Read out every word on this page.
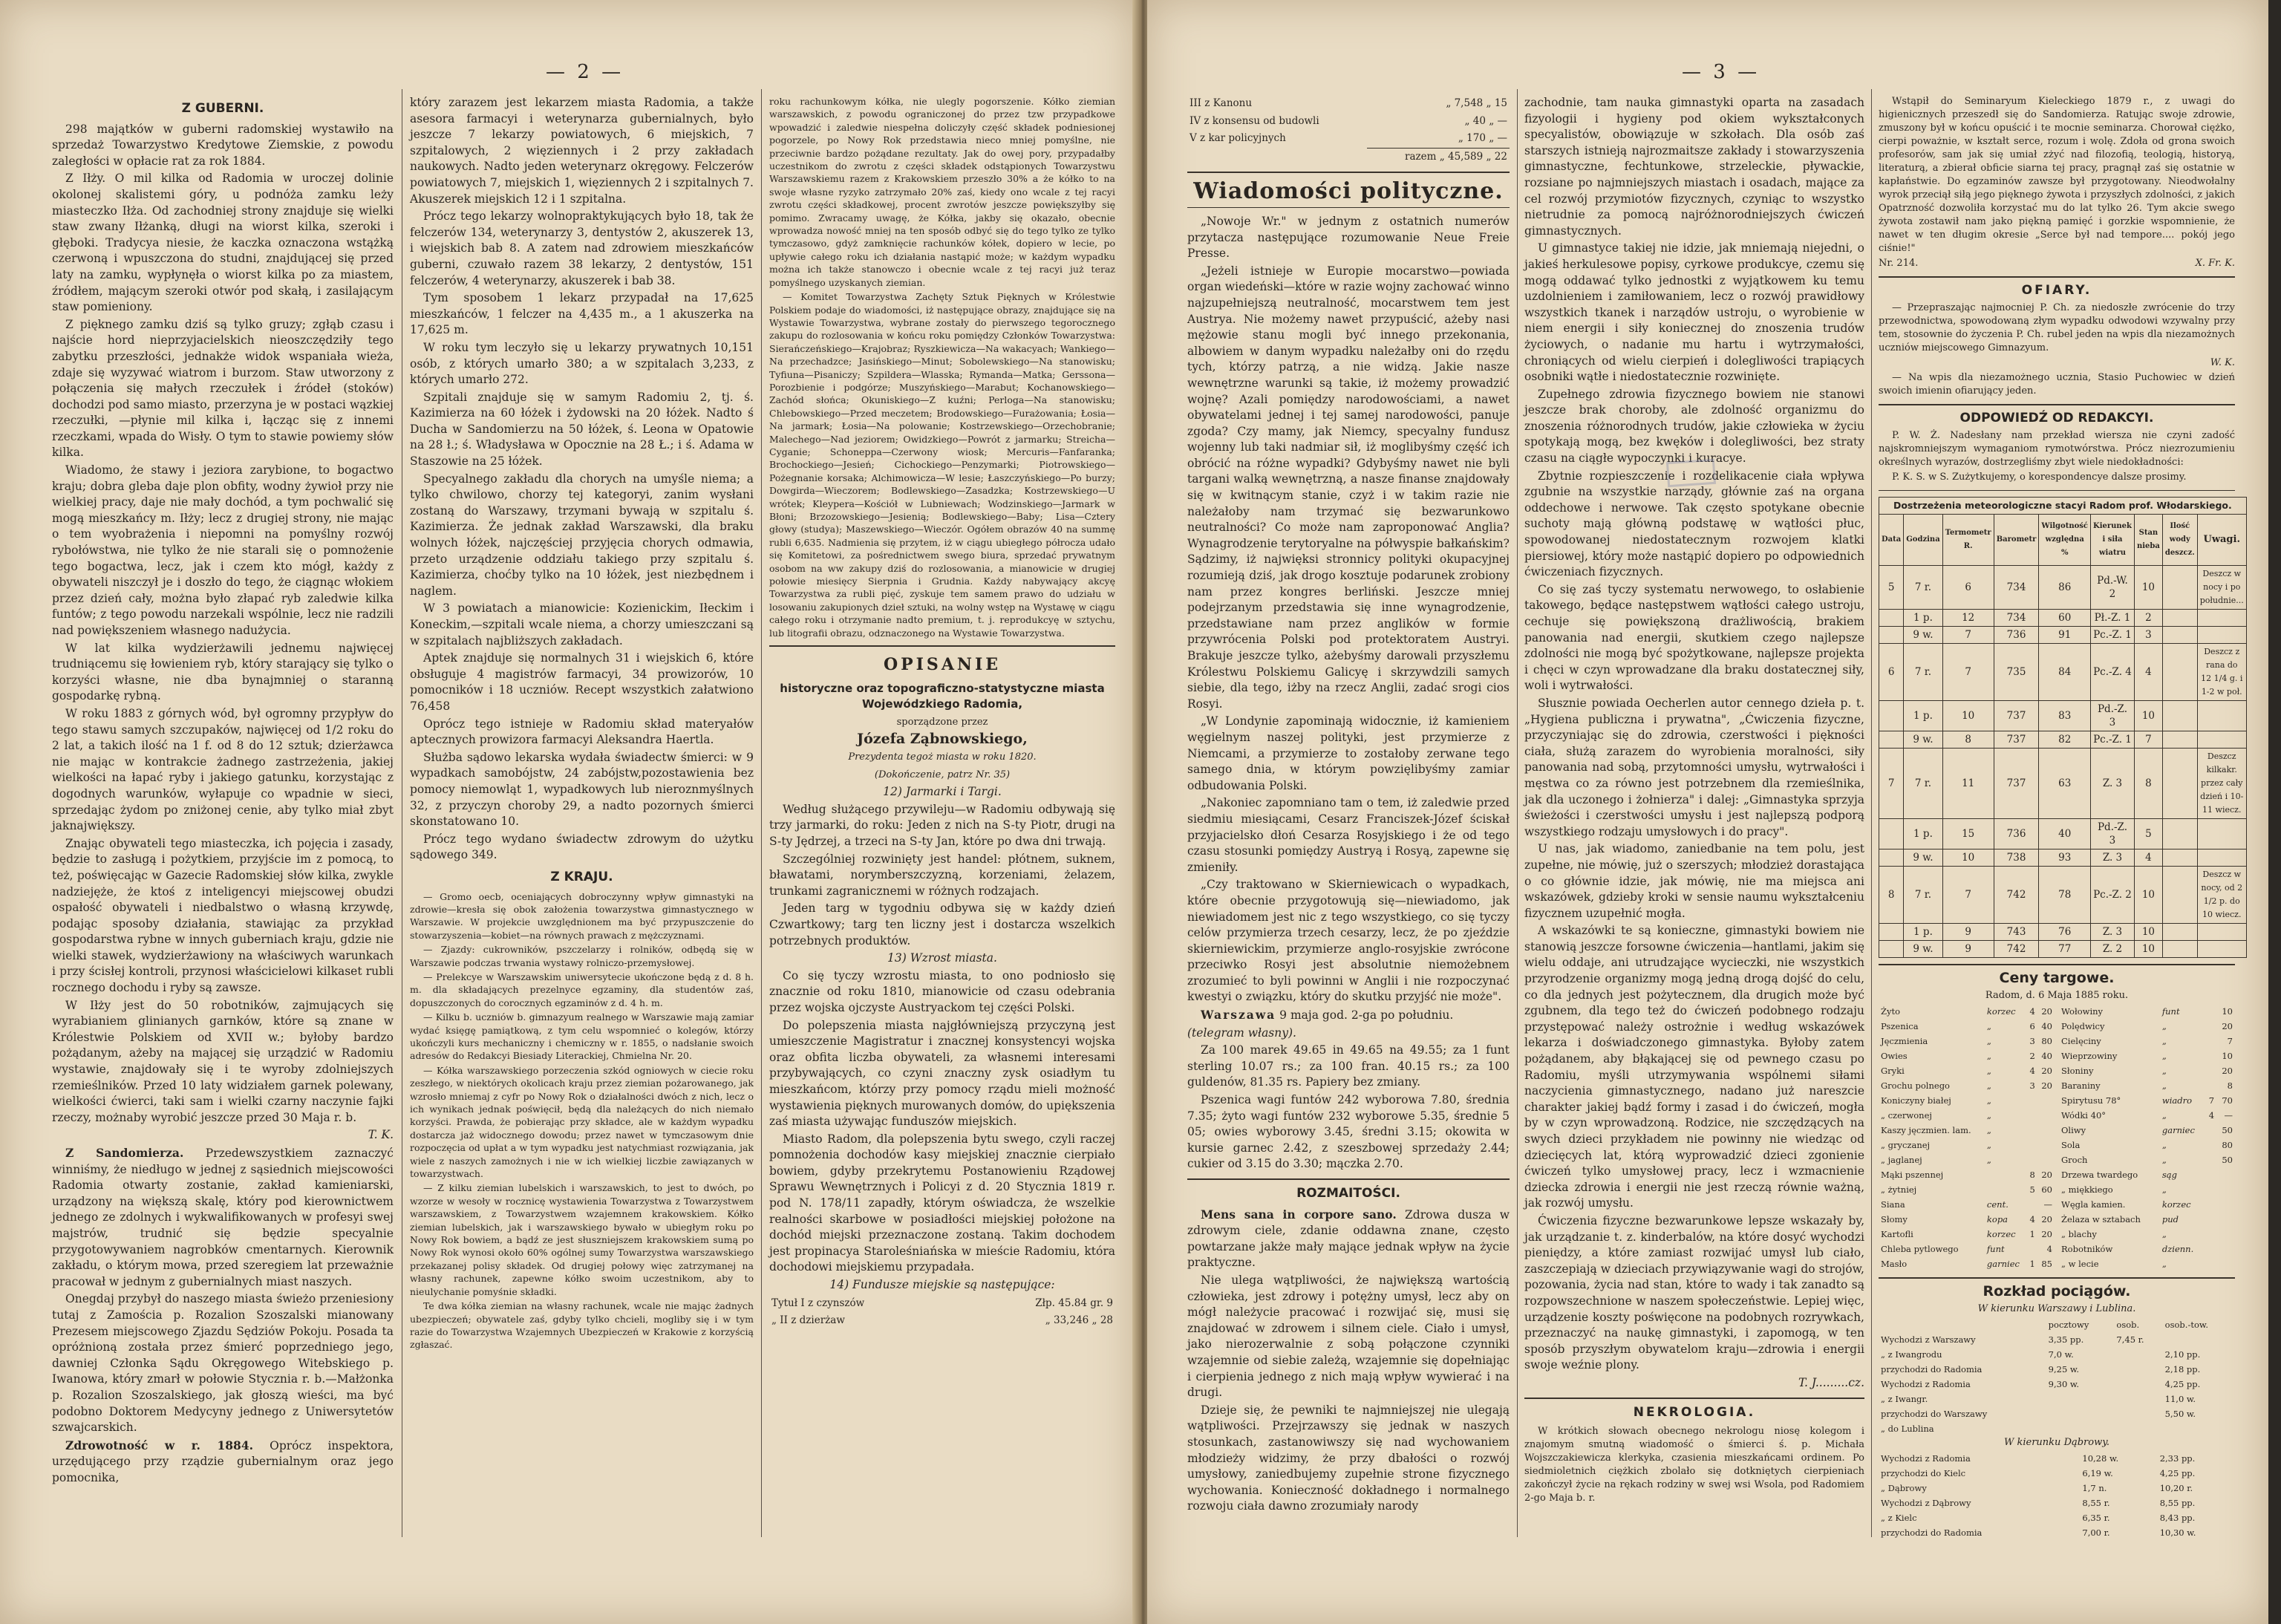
— 2 —
Z GUBERNI.

298 majątków w guberni radomskiej wystawiło na sprzedaż Towarzystwo Kredytowe Ziemskie, z powodu zaległości w opłacie rat za rok 1884.

Z Iłży. O mil kilka od Radomia w uroczej dolinie okolonej skalistemi góry, u podnóża zamku leży miasteczko Iłża. Od zachodniej strony znajduje się wielki staw zwany Iłżanką, długi na wiorst kilka, szeroki i głęboki. Tradycya niesie, że kaczka oznaczona wstążką czerwoną i wpuszczona do studni, znajdującej się przed laty na zamku, wypłynęła o wiorst kilka po za miastem, źródłem, mającym szeroki otwór pod skałą, i zasilającym staw pomieniony.

Z pięknego zamku dziś są tylko gruzy; zgłąb czasu i najście hord nieprzyjacielskich nieoszczędziły tego zabytku przeszłości, jednakże widok wspaniała wieża, zdaje się wyzywać wiatrom i burzom. Staw utworzony z połączenia się małych rzeczułek i źródeł (stoków) dochodzi pod samo miasto, przerzyna je w postaci wązkiej rzeczułki, —płynie mil kilka i, łącząc się z innemi rzeczkami, wpada do Wisły. O tym to stawie powiemy słów kilka.

Wiadomo, że stawy i jeziora zarybione, to bogactwo kraju; dobra gleba daje plon obfity, wodny żywioł przy nie wielkiej pracy, daje nie mały dochód, a tym pochwalić się mogą mieszkańcy m. Iłży; lecz z drugiej strony, nie mając o tem wyobrażenia i niepomni na pomyślny rozwój rybołówstwa, nie tylko że nie starali się o pomnożenie tego bogactwa, lecz, jak i czem kto mógł, każdy z obywateli niszczył je i doszło do tego, że ciągnąc włokiem przez dzień cały, można było złapać ryb zaledwie kilka funtów; z tego powodu narzekali wspólnie, lecz nie radzili nad powiększeniem własnego nadużycia.

W lat kilka wydzierżawili jednemu najwięcej trudniącemu się łowieniem ryb, który starający się tylko o korzyści własne, nie dba bynajmniej o staranną gospodarkę rybną.

W roku 1883 z górnych wód, był ogromny przypływ do tego stawu samych szczupaków, najwięcej od 1/2 roku do 2 lat, a takich ilość na 1 f. od 8 do 12 sztuk; dzierżawca nie mając w kontrakcie żadnego zastrzeżenia, jakiej wielkości na łapać ryby i jakiego gatunku, korzystając z dogodnych warunków, wyłapuje co wpadnie w sieci, sprzedając żydom po zniżonej cenie, aby tylko miał zbyt jaknajwiększy.

Znając obywateli tego miasteczka, ich pojęcia i zasady, będzie to zasługą i pożytkiem, przyjście im z pomocą, to też, poświęcając w Gazecie Radomskiej słów kilka, zwykle nadziejęże, że ktoś z inteligencyi miejscowej obudzi ospałość obywateli i niedbalstwo o własną krzywdę, podając sposoby działania, stawiając za przykład gospodarstwa rybne w innych guberniach kraju, gdzie nie wielki stawek, wydzierżawiony na właściwych warunkach i przy ścisłej kontroli, przynosi właścicielowi kilkaset rubli rocznego dochodu i ryby są zawsze.

W Iłży jest do 50 robotników, zajmujących się wyrabianiem glinianych garnków, które są znane w Królestwie Polskiem od XVII w.; byłoby bardzo pożądanym, ażeby na mającej się urządzić w Radomiu wystawie, znajdowały się i te wyroby zdolniejszych rzemieślników. Przed 10 laty widziałem garnek polewany, wielkości ćwierci, taki sam i wielki czarny naczynie fajki rzeczy, możnaby wyrobić jeszcze przed 30 Maja r. b.

T. K.

Z Sandomierza. Przedewszystkiem zaznaczyć winniśmy, że niedługo w jednej z sąsiednich miejscowości Radomia otwarty zostanie, zakład kamieniarski, urządzony na większą skalę, który pod kierownictwem jednego ze zdolnych i wykwalifikowanych w profesyi swej majstrów, trudnić się będzie specyalnie przygotowywaniem nagrobków cmentarnych. Kierownik zakładu, o którym mowa, przed szeregiem lat przeważnie pracował w jednym z gubernialnych miast naszych.

Onegdaj przybył do naszego miasta świeżo przeniesiony tutaj z Zamościa p. Rozalion Szoszalski mianowany Prezesem miejscowego Zjazdu Sędziów Pokoju. Posada ta opróżnioną została przez śmierć poprzedniego jego, dawniej Członka Sądu Okręgowego Witebskiego p. Iwanowa, który zmarł w połowie Stycznia r. b.—Małżonka p. Rozalion Szoszalskiego, jak głoszą wieści, ma być podobno Doktorem Medycyny jednego z Uniwersytetów szwajcarskich.

Zdrowotność w r. 1884. Oprócz inspektora, urzędującego przy rządzie gubernialnym oraz jego pomocnika,

który zarazem jest lekarzem miasta Radomia, a także asesora farmacyi i weterynarza gubernialnych, było jeszcze 7 lekarzy powiatowych, 6 miejskich, 7 szpitalowych, 2 więziennych i 2 przy zakładach naukowych. Nadto jeden weterynarz okręgowy. Felczerów powiatowych 7, miejskich 1, więziennych 2 i szpitalnych 7. Akuszerek miejskich 12 i 1 szpitalna.

Prócz tego lekarzy wolnopraktykujących było 18, tak że felczerów 134, weterynarzy 3, dentystów 2, akuszerek 13, i wiejskich bab 8. A zatem nad zdrowiem mieszkańców guberni, czuwało razem 38 lekarzy, 2 dentystów, 151 felczerów, 4 weterynarzy, akuszerek i bab 38.

Tym sposobem 1 lekarz przypadał na 17,625 mieszkańców, 1 felczer na 4,435 m., a 1 akuszerka na 17,625 m.

W roku tym leczyło się u lekarzy prywatnych 10,151 osób, z których umarło 380; a w szpitalach 3,233, z których umarło 272.

Szpitali znajduje się w samym Radomiu 2, tj. ś. Kazimierza na 60 łóżek i żydowski na 20 łóżek. Nadto ś Ducha w Sandomierzu na 50 łóżek, ś. Leona w Opatowie na 28 ł.; ś. Władysława w Opocznie na 28 Ł.; i ś. Adama w Staszowie na 25 łóżek.

Specyalnego zakładu dla chorych na umyśle niema; a tylko chwilowo, chorzy tej kategoryi, zanim wysłani zostaną do Warszawy, trzymani bywają w szpitalu ś. Kazimierza. Że jednak zakład Warszawski, dla braku wolnych łóżek, najczęściej przyjęcia chorych odmawia, przeto urządzenie oddziału takiego przy szpitalu ś. Kazimierza, choćby tylko na 10 łóżek, jest niezbędnem i naglem.

W 3 powiatach a mianowicie: Kozienickim, Iłeckim i Koneckim,—szpitali wcale niema, a chorzy umieszczani są w szpitalach najbliższych zakładach.

Aptek znajduje się normalnych 31 i wiejskich 6, które obsługuje 4 magistrów farmacyi, 34 prowizorów, 10 pomocników i 18 uczniów. Recept wszystkich załatwiono 76,458

Oprócz tego istnieje w Radomiu skład materyałów aptecznych prowizora farmacyi Aleksandra Haertla.

Służba sądowo lekarska wydała świadectw śmierci: w 9 wypadkach samobójstw, 24 zabójstw,pozostawienia bez pomocy niemowląt 1, wypadkowych lub nieroznmyślnych 32, z przyczyn choroby 29, a nadto pozornych śmierci skonstatowano 10.

Prócz tego wydano świadectw zdrowym do użytku sądowego 349.

Z KRAJU.

— Gromo oecb, oceniających dobroczynny wpływ gimnastyki na zdrowie—kresła się obok założenia towarzystwa gimnastycznego w Warszawie. W projekcie uwzględnionem ma być przypuszczenie do stowarzyszenia—kobiet—na równych prawach z mężczyznami.

— Zjazdy: cukrowników, pszczelarzy i rolników, odbędą się w Warszawie podczas trwania wystawy rolniczo-przemysłowej.

— Prelekcye w Warszawskim uniwersytecie ukończone będą z d. 8 h. m. dla składających prezelnyce egzaminy, dla studentów zaś, dopuszczonych do corocznych egzaminów z d. 4 h. m.

— Kilku b. uczniów b. gimnazyum realnego w Warszawie mają zamiar wydać księgę pamiątkową, z tym celu wspomnieć o kolegów, którzy ukończyli kurs mechaniczny i chemiczny w r. 1855, o nadsłanie swoich adresów do Redakcyi Biesiady Literackiej, Chmielna Nr. 20.

— Kółka warszawskiego porzeczenia szkód ogniowych w ciecie roku zeszłego, w niektórych okolicach kraju przez ziemian pożarowanego, jak wzrosło mniemaj z cyfr po Nowy Rok o działalności dwóch z nich, lecz o ich wynikach jednak poświęcił, będą dla należących do nich niemało korzyści. Prawda, że pobierając przy składce, ale w każdym wypadku dostarcza jaż widocznego dowodu; przez nawet w tymczasowym dnie rozpoczęcia od upłat a w tym wypadku jest natychmiast rozwiązania, jak wiele z naszych zamożnych i nie w ich wielkiej liczbie zawiązanych w towarzystwach.

— Z kilku ziemian lubelskich i warszawskich, to jest to dwóch, po wzorze w wesoły w rocznicę wystawienia Towarzystwa z Towarzystwem warszawskiem, z Towarzystwem wzajemnem krakowskiem. Kółko ziemian lubelskich, jak i warszawskiego bywało w ubiegłym roku po Nowy Rok bowiem, a bądź ze jest słuszniejszem krakowskiem sumą po Nowy Rok wynosi około 60% ogólnej sumy Towarzystwa warszawskiego przekazanej polisy składek. Od drugiej połowy więc zatrzymanej na własny rachunek, zapewne kółko swoim uczestnikom, aby to nieulychanie pomyśnie składki.

Te dwa kółka ziemian na własny rachunek, wcale nie mając żadnych ubezpieczeń; obywatele zaś, gdyby tylko chcieli, mogliby się i w tym razie do Towarzystwa Wzajemnych Ubezpieczeń w Krakowie z korzyścią zgłaszać.

roku rachunkowym kółka, nie ulegly pogorszenie. Kółko ziemian warszawskich, z powodu ograniczonej do przez tzw przypadkowe wpowadzić i zaledwie niespełna doliczyły część składek podniesionej pogorzele, po Nowy Rok przedstawia nieco mniej pomyślne, nie przeciwnie bardzo pożądane rezultaty. Jak do owej pory, przypadałby uczestnikom do zwrotu z części składek odstąpionych Towarzystwu Warszawskiemu razem z Krakowskiem przeszło 30% a że kółko to na swoje własne ryzyko zatrzymało 20% zaś, kiedy ono wcale z tej racyi zwrotu części składkowej, procent zwrotów jeszcze powiększyłby się pomimo. Zwracamy uwagę, że Kółka, jakby się okazało, obecnie wprowadza nowość mniej na ten sposób odbyć się do tego tylko ze tylko tymczasowo, gdyż zamknięcie rachunków kółek, dopiero w lecie, po upływie całego roku ich działania nastąpić może; w każdym wypadku można ich także stanowczo i obecnie wcale z tej racyi już teraz pomyślnego uzyskanych ziemian.

— Komitet Towarzystwa Zachęty Sztuk Pięknych w Królestwie Polskiem podaje do wiadomości, iż następujące obrazy, znajdujące się na Wystawie Towarzystwa, wybrane zostały do pierwszego tegorocznego zakupu do rozlosowania w końcu roku pomiędzy Członków Towarzystwa: Sierańczeńskiego—Krajobraz; Ryszkiewicza—Na wakacyach; Wankiego—Na przechadzce; Jasińskiego—Minut; Sobolewskiego—Na stanowisku; Tyfiuna—Pisaniczy; Szpildera—Wlasska; Rymanda—Matka; Gerssona—Porozbienie i podgórze; Muszyńskiego—Marabut; Kochanowskiego—Zachód słońca; Okuniskiego—Z kuźni; Perloga—Na stanowisku; Chlebowskiego—Przed meczetem; Brodowskiego—Furażowania; Łosia—Na jarmark; Łosia—Na polowanie; Kostrzewskiego—Orzechobranie; Malechego—Nad jeziorem; Owidzkiego—Powrót z jarmarku; Streicha—Cyganie; Schoneppa—Czerwony wiosk; Mercuris—Fanfaranka; Brochockiego—Jesień; Cichockiego—Penzymarki; Piotrowskiego—Pożegnanie korsaka; Alchimowicza—W lesie; Łaszczyńskiego—Po burzy; Dowgirda—Wieczorem; Bodlewskiego—Zasadzka; Kostrzewskiego—U wrótek; Kleypera—Kościół w Lubniewach; Wodzinskiego—Jarmark w Błoni; Brzozowskiego—Jesienią; Bodlewskiego—Baby; Lisa—Cztery głowy (studya); Maszewskiego—Wieczór. Ogółem obrazów 40 na summę rubli 6,635. Nadmienia się przytem, iż w ciągu ubiegłego półrocza udało się Komitetowi, za pośrednictwem swego biura, sprzedać prywatnym osobom na ww zakupy dziś do rozlosowania, a mianowicie w drugiej połowie miesięcy Sierpnia i Grudnia. Każdy nabywający akcyę Towarzystwa za rubli pięć, zyskuje tem samem prawo do udziału w losowaniu zakupionych dzieł sztuki, na wolny wstęp na Wystawę w ciągu całego roku i otrzymanie nadto premium, t. j. reprodukcyę w sztychu, lub litografii obrazu, odznaczonego na Wystawie Towarzystwa.

OPISANIE

historyczne oraz topograficzno-statystyczne miasta Wojewódzkiego Radomia,

sporządzone przez

Józefa Ząbnowskiego,

Prezydenta tegoż miasta w roku 1820.

(Dokończenie, patrz Nr. 35)

12) Jarmarki i Targi.

Według służącego przywileju—w Radomiu odbywają się trzy jarmarki, do roku: Jeden z nich na S-ty Piotr, drugi na S-ty Jędrzej, a trzeci na S-ty Jan, które po dwa dni trwają.

Szczególniej rozwinięty jest handel: płótnem, suknem, bławatami, norymberszczyzną, korzeniami, żelazem, trunkami zagranicznemi w różnych rodzajach.

Jeden targ w tygodniu odbywa się w każdy dzień Czwartkowy; targ ten liczny jest i dostarcza wszelkich potrzebnych produktów.

13) Wzrost miasta.

Co się tyczy wzrostu miasta, to ono podniosło się znacznie od roku 1810, mianowicie od czasu odebrania przez wojska ojczyste Austryackom tej części Polski.

Do polepszenia miasta najgłówniejszą przyczyną jest umieszczenie Magistratur i znacznej konsystencyi wojska oraz obfita liczba obywateli, za własnemi interesami przybywających, co czyni znaczny zysk osiadłym tu mieszkańcom, którzy przy pomocy rządu mieli możność wystawienia pięknych murowanych domów, do upiększenia zaś miasta używając funduszów miejskich.

Miasto Radom, dla polepszenia bytu swego, czyli raczej pomnożenia dochodów kasy miejskiej znacznie cierpiało bowiem, gdyby przekrytemu Postanowieniu Rządowej Sprawu Wewnętrznych i Policyi z d. 20 Stycznia 1819 r. pod N. 178/11 zapadły, którym oświadcza, że wszelkie realności skarbowe w posiadłości miejskiej położone na dochód miejski przeznaczone zostaną. Takim dochodem jest propinacya Staroleśniańska w mieście Radomiu, która dochodowi miejskiemu przypadała.

14) Fundusze miejskie są następujące:

Tytuł I z czynszów	Złp. 45.84 gr. 9
„ II z dzierżaw	„ 33,246 „ 28
— 3 —
III z Kanonu	„ 7,548 „ 15
IV z konsensu od budowli	„ 40 „ —
V z kar policyjnych	„ 170 „ —
	razem „ 45,589 „ 22
Wiadomości polityczne.

„Nowoje Wr." w jednym z ostatnich numerów przytacza następujące rozumowanie Neue Freie Presse.

„Jeżeli istnieje w Europie mocarstwo—powiada organ wiedeński—które w razie wojny zachować winno najzupełniejszą neutralność, mocarstwem tem jest Austrya. Nie możemy nawet przypuścić, ażeby nasi mężowie stanu mogli być innego przekonania, albowiem w danym wypadku należałby oni do rzędu tych, którzy patrzą, a nie widzą. Jakie nasze wewnętrzne warunki są takie, iż możemy prowadzić wojnę? Azali pomiędzy narodowościami, a nawet obywatelami jednej i tej samej narodowości, panuje zgoda? Czy mamy, jak Niemcy, specyalny fundusz wojenny lub taki nadmiar sił, iż moglibyśmy część ich obrócić na różne wypadki? Gdybyśmy nawet nie byli targani walką wewnętrzną, a nasze finanse znajdowały się w kwitnącym stanie, czyż i w takim razie nie należałoby nam trzymać się bezwarunkowo neutralności? Co może nam zaproponować Anglia? Wynagrodzenie terytoryalne na półwyspie bałkańskim? Sądzimy, iż najwięksi stronnicy polityki okupacyjnej rozumieją dziś, jak drogo kosztuje podarunek zrobiony nam przez kongres berliński. Jeszcze mniej podejrzanym przedstawia się inne wynagrodzenie, przedstawiane nam przez anglików w formie przywrócenia Polski pod protektoratem Austryi. Brakuje jeszcze tylko, ażebyśmy darowali przyszłemu Królestwu Polskiemu Galicyę i skrzywdzili samych siebie, dla tego, iżby na rzecz Anglii, zadać srogi cios Rosyi.

„W Londynie zapominają widocznie, iż kamieniem węgielnym naszej polityki, jest przymierze z Niemcami, a przymierze to zostałoby zerwane tego samego dnia, w którym powzięlibyśmy zamiar odbudowania Polski.

„Nakoniec zapomniano tam o tem, iż zaledwie przed siedmiu miesiącami, Cesarz Franciszek-Józef ściskał przyjacielsko dłoń Cesarza Rosyjskiego i że od tego czasu stosunki pomiędzy Austryą i Rosyą, zapewne się zmieniły.

„Czy traktowano w Skierniewicach o wypadkach, które obecnie przygotowują się—niewiadomo, jak niewiadomem jest nic z tego wszystkiego, co się tyczy celów przymierza trzech cesarzy, lecz, że po zjeździe skierniewickim, przymierze anglo-rosyjskie zwrócone przeciwko Rosyi jest absolutnie niemożebnem zrozumieć to byli powinni w Anglii i nie rozpoczynać kwestyi o związku, który do skutku przyjść nie może".

Warszawa 9 maja god. 2-ga po południu.

(telegram własny).

Za 100 marek 49.65 in 49.65 na 49.55; za 1 funt sterling 10.07 rs.; za 100 fran. 40.15 rs.; za 100 guldenów, 81.35 rs. Papiery bez zmiany.

Pszenica wagi funtów 242 wyborowa 7.80, średnia 7.35; żyto wagi funtów 232 wyborowe 5.35, średnie 5 05; owies wyborowy 3.45, średni 3.15; okowita w kursie garnec 2.42, z szeszbowej sprzedaży 2.44; cukier od 3.15 do 3.30; mączka 2.70.

ROZMAITOŚCI.

Mens sana in corpore sano. Zdrowa dusza w zdrowym ciele, zdanie oddawna znane, często powtarzane jakże mały mające jednak wpływ na życie praktyczne.

Nie ulega wątpliwości, że największą wartością człowieka, jest zdrowy i potężny umysł, lecz aby on mógł należycie pracować i rozwijać się, musi się znajdować w zdrowem i silnem ciele. Ciało i umysł, jako nierozerwalnie z sobą połączone czynniki wzajemnie od siebie zależą, wzajemnie się dopełniając i cierpienia jednego z nich mają wpływ wywierać i na drugi.

Dzieje się, że pewniki te najmniejszej nie ulegają wątpliwości. Przejrzawszy się jednak w naszych stosunkach, zastanowiwszy się nad wychowaniem młodzieży widzimy, że przy dbałości o rozwój umysłowy, zaniedbujemy zupełnie strone fizycznego wychowania. Konieczność dokładnego i normalnego rozwoju ciała dawno zrozumiały narody

zachodnie, tam nauka gimnastyki oparta na zasadach fizyologii i hygieny pod okiem wykształconych specyalistów, obowiązuje w szkołach. Dla osób zaś starszych istnieją najrozmaitsze zakłady i stowarzyszenia gimnastyczne, fechtunkowe, strzeleckie, pływackie, rozsiane po najmniejszych miastach i osadach, mające za cel rozwój przymiotów fizycznych, czyniąc to wszystko nietrudnie za pomocą najróżnorodniejszych ćwiczeń gimnastycznych.

U gimnastyce takiej nie idzie, jak mniemają niejedni, o jakieś herkulesowe popisy, cyrkowe produkcye, czemu się mogą oddawać tylko jednostki z wyjątkowem ku temu uzdolnieniem i zamiłowaniem, lecz o rozwój prawidłowy wszystkich tkanek i narządów ustroju, o wyrobienie w niem energii i siły koniecznej do znoszenia trudów życiowych, o nadanie mu hartu i wytrzymałości, chroniących od wielu cierpień i dolegliwości trapiących osobniki wątłe i niedostatecznie rozwinięte.

Zupełnego zdrowia fizycznego bowiem nie stanowi jeszcze brak choroby, ale zdolność organizmu do znoszenia różnorodnych trudów, jakie człowieka w życiu spotykają mogą, bez kwęków i dolegliwości, bez straty czasu na ciągłe wypoczynki i kuracye.

Zbytnie rozpieszczenie i rozdelikacenie ciała wpływa zgubnie na wszystkie narządy, głównie zaś na organa oddechowe i nerwowe. Tak często spotykane obecnie suchoty mają główną podstawę w wątłości płuc, spowodowanej niedostatecznym rozwojem klatki piersiowej, który może nastąpić dopiero po odpowiednich ćwiczeniach fizycznych.

Co się zaś tyczy systematu nerwowego, to osłabienie takowego, będące następstwem wątłości całego ustroju, cechuje się powiększoną drażliwością, brakiem panowania nad energii, skutkiem czego najlepsze zdolności nie mogą być spożytkowane, najlepsze projekta i chęci w czyn wprowadzane dla braku dostatecznej siły, woli i wytrwałości.

Słusznie powiada Oecherlen autor cennego dzieła p. t. „Hygiena publiczna i prywatna", „Ćwiczenia fizyczne, przyczyniając się do zdrowia, czerstwości i piękności ciała, służą zarazem do wyrobienia moralności, siły panowania nad sobą, przytomności umysłu, wytrwałości i męstwa co za równo jest potrzebnem dla rzemieślnika, jak dla uczonego i żołnierza" i dalej: „Gimnastyka sprzyja świeżości i czerstwości umysłu i jest najlepszą podporą wszystkiego rodzaju umysłowych i do pracy".

U nas, jak wiadomo, zaniedbanie na tem polu, jest zupełne, nie mówię, już o szerszych; młodzież dorastająca o co głównie idzie, jak mówię, nie ma miejsca ani wskazówek, gdzieby kroki w sensie naumu wykształceniu fizycznem uzupełnić mogła.

A wskazówki te są konieczne, gimnastyki bowiem nie stanowią jeszcze forsowne ćwiczenia—hantlami, jakim się wielu oddaje, ani utrudzające wycieczki, nie wszystkich przyrodzenie organizmy mogą jedną drogą dojść do celu, co dla jednych jest pożytecznem, dla drugich może być zgubnem, dla tego też do ćwiczeń podobnego rodzaju przystępować należy ostrożnie i według wskazówek lekarza i doświadczonego gimnastyka. Byłoby zatem pożądanem, aby błąkającej się od pewnego czasu po Radomiu, myśli utrzymywania wspólnemi siłami naczycienia gimnastycznego, nadano już nareszcie charakter jakiej bądź formy i zasad i do ćwiczeń, mogła by w czyn wprowadzoną. Rodzice, nie szczędzących na swych dzieci przykładem nie powinny nie wiedząc od dziecięcych lat, którą wyprowadzić dzieci zgonienie ćwiczeń tylko umysłowej pracy, lecz i wzmacnienie dziecka zdrowia i energii nie jest rzeczą równie ważną, jak rozwój umysłu.

Ćwiczenia fizyczne bezwarunkowe lepsze wskazały by, jak urządzanie t. z. kinderbalów, na które dosyć wychodzi pieniędzy, a które zamiast rozwijać umysł lub ciało, zaszczepiają w dzieciach przywiązywanie wagi do strojów, pozowania, życia nad stan, które to wady i tak zanadto są rozpowszechnione w naszem społeczeństwie. Lepiej więc, urządzenie koszty poświęcone na podobnych rozrywkach, przeznaczyć na naukę gimnastyki, i zapomogą, w ten sposób przyszłym obywatelom kraju—zdrowia i energii swoje weźnie plony.

T. J.........cz.

NEKROLOGIA.

W krótkich słowach obecnego nekrologu niosę kolegom i znajomym smutną wiadomość o śmierci ś. p. Michała Wojszczakiewicza klerkyka, czasienia mieszkańcami ordinem. Po siedmioletnich ciężkich zbolało się dotkniętych cierpieniach zakończył życie na rękach rodziny w swej wsi Wsola, pod Radomiem 2-go Maja b. r.

Wstąpił do Seminaryum Kieleckiego 1879 r., z uwagi do higienicznych przeszedł się do Sandomierza. Ratując swoje zdrowie, zmuszony był w końcu opuścić i te mocnie seminarza. Chorował ciężko, cierpi poważnie, w kształt serce, rozum i wolę. Zdoła od grona swoich profesorów, sam jak się umiał zżyć nad filozofią, teologią, historyą, literaturą, a zbierał obficie siarna tej pracy, pragnął zaś się ostatnie w kapłaństwie. Do egzaminów zawsze był przygotowany. Nieodwołalny wyrok przeciął siłą jego pięknego żywota i przyszłych zdolności, z jakich Opatrzność dozwoliła korzystać mu do lat tylko 26. Tym akcie swego żywota zostawił nam jako piękną pamięć i gorzkie wspomnienie, że nawet w ten długim okresie „Serce był nad tempore.... pokój jego ciśnie!"

Nr. 214.	X. Fr. K.

OFIARY.

— Przepraszając najmocniej P. Ch. za niedoszłe zwrócenie do trzy przewodnictwa, spowodowaną złym wypadku odwodowi wzywalny przy tem, stosownie do życzenia P. Ch. rubel jeden na wpis dla niezamożnych uczniów miejscowego Gimnazyum.

W. K.

— Na wpis dla niezamożnego ucznia, Stasio Puchowiec w dzień swoich imienin ofiarujący jeden.

ODPOWIEDŹ OD REDAKCYI.

P. W. Ż. Nadesłany nam przekład wiersza nie czyni zadość najskromniejszym wymaganiom rymotwórstwa. Prócz niezrozumieniu określnych wyrazów, dostrzegliśmy zbyt wiele niedokładności:

P. K. S. w S. Zużytkujemy, o korespondencye dalsze prosimy.

Dostrzeżenia meteorologiczne stacyi Radom prof. Włodarskiego.								
Data	Godzina	Termometr R.	Barometr	Wilgotność względna %	Kierunek i siła wiatru	Stan nieba	Ilość wody deszcz.	Uwagi.
5	7 r.	6	734	86	Pd.-W. 2	10		Deszcz w nocy i po południe...
	1 p.	12	734	60	Pł.-Z. 1	2		
	9 w.	7	736	91	Pc.-Z. 1	3		
6	7 r.	7	735	84	Pc.-Z. 4	4		Deszcz z rana do 12 1/4 g. i 1-2 w poł.
	1 p.	10	737	83	Pd.-Z. 3	10		
	9 w.	8	737	82	Pc.-Z. 1	7		
7	7 r.	11	737	63	Z. 3	8		Deszcz kilkakr. przez cały dzień i 10-11 wiecz.
	1 p.	15	736	40	Pd.-Z. 3	5		
	9 w.	10	738	93	Z. 3	4		
8	7 r.	7	742	78	Pc.-Z. 2	10		Deszcz w nocy, od 2 1/2 p. do 10 wiecz.
	1 p.	9	743	76	Z. 3	10		
	9 w.	9	742	77	Z. 2	10		
Ceny targowe.

Radom, d. 6 Maja 1885 roku.

Żyto	korzec	4	20
Pszenica	„	6	40
Jęczmienia	„	3	80
Owies	„	2	40
Gryki	„	4	20
Grochu polnego	„	3	20
Koniczyny białej	„		
„ czerwonej	„		
Kaszy jęczmien. lam.	„		
„ gryczanej	„		
„ jaglanej	„		
Mąki pszennej		8	20
„ żytniej		5	60
Siana	cent.		—
Słomy	kopa	4	20
Kartofli	korzec	1	20
Chleba pytlowego	funt		4
Masło	garniec	1	85
Wołowiny	funt		10
Polędwicy	„		20
Cielęciny	„		7
Wieprzowiny	„		10
Słoniny	„		20
Baraniny	„		8
Spirytusu 78°	wiadro	7	70
Wódki 40°	„	4	—
Oliwy	garniec		50
Sola	„		80
Groch	„		50
Drzewa twardego	sąg		
„ miękkiego	„		
Węgla kamien.	korzec		
Żelaza w sztabach	pud		
„ blachy	„		
Robotników	dzienn.		
„ w lecie	„		
Rozkład pociągów.

W kierunku Warszawy i Lublina.

	pocztowy	osob.	osob.-tow.
Wychodzi z Warszawy	3,35 pp.	7,45 r.	
„ z Iwangrodu	7,0 w.		2,10 pp.
przychodzi do Radomia	9,25 w.		2,18 pp.
Wychodzi z Radomia	9,30 w.		4,25 pp.
„ z Iwangr.			11,0 w.
przychodzi do Warszawy			5,50 w.
„ do Lublina			

W kierunku Dąbrowy.

Wychodzi z Radomia	10,28 w.	2,33 pp.
przychodzi do Kielc	6,19 w.	4,25 pp.
„ Dąbrowy	1,7 n.	10,20 r.
Wychodzi z Dąbrowy	8,55 r.	8,55 pp.
„ z Kielc	6,35 r.	8,43 pp.
przychodzi do Radomia	7,00 r.	10,30 w.
